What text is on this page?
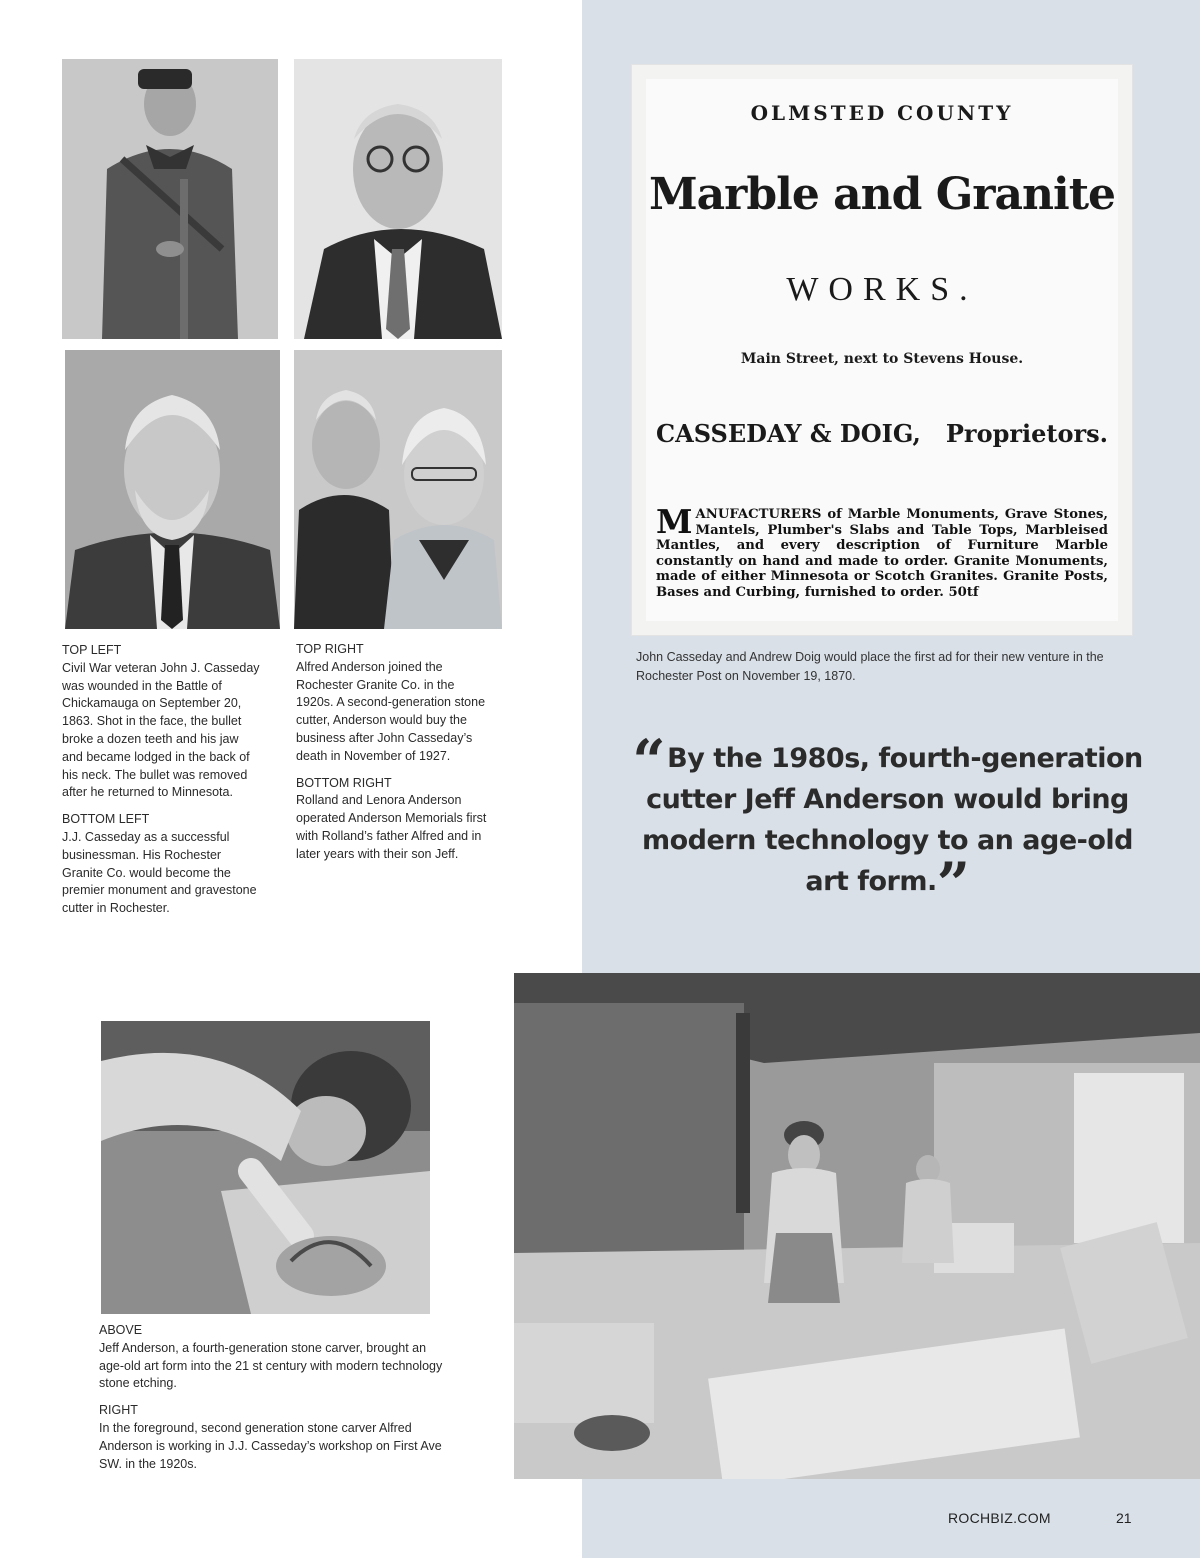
TOP LEFT
Civil War veteran John J. Casseday was wounded in the Battle of Chickamauga on September 20, 1863. Shot in the face, the bullet broke a dozen teeth and his jaw and became lodged in the back of his neck. The bullet was removed after he returned to Minnesota.
BOTTOM LEFT
J.J. Casseday as a successful businessman. His Rochester Granite Co. would become the premier monument and gravestone cutter in Rochester.
TOP RIGHT
Alfred Anderson joined the Rochester Granite Co. in the 1920s. A second-generation stone cutter, Anderson would buy the business after John Casseday’s death in November of 1927.
BOTTOM RIGHT
Rolland and Lenora Anderson operated Anderson Memorials first with Rolland’s father Alfred and in later years with their son Jeff.
OLMSTED COUNTY
Marble and Granite
WORKS.
Main Street, next to Stevens House.
CASSEDAY & DOIG, Proprietors.
MANUFACTURERS of Marble Monuments, Grave Stones, Mantels, Plumber's Slabs and Table Tops, Marbleised Mantles, and every description of Furniture Marble constantly on hand and made to order. Granite Monuments, made of either Minnesota or Scotch Granites. Granite Posts, Bases and Curbing, furnished to order. 50tf
John Casseday and Andrew Doig would place the first ad for their new venture in the Rochester Post on November 19, 1870.
“By the 1980s, fourth-generation cutter Jeff Anderson would bring modern technology to an age-old art form.”
ABOVE
Jeff Anderson, a fourth-generation stone carver, brought an age-old art form into the 21 st century with modern technology stone etching.
RIGHT
In the foreground, second generation stone carver Alfred Anderson is working in J.J. Casseday’s workshop on First Ave SW. in the 1920s.
ROCHBIZ.COM	21
